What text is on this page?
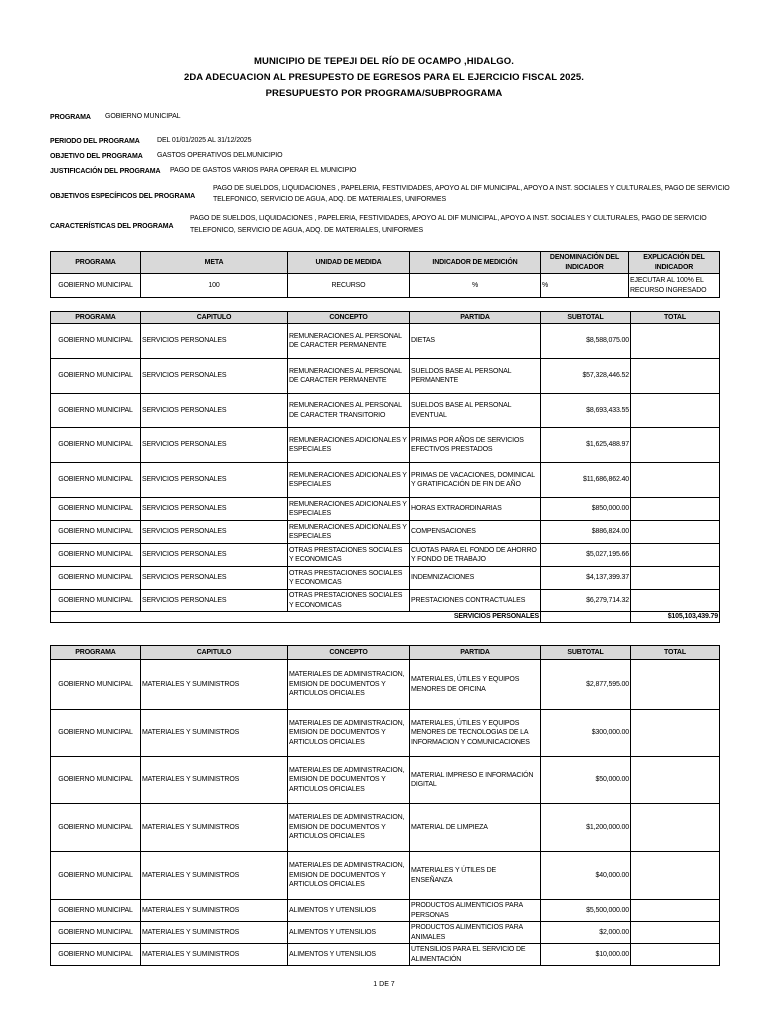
MUNICIPIO DE TEPEJI DEL RÍO DE OCAMPO ,HIDALGO.
2DA ADECUACION AL PRESUPESTO DE EGRESOS PARA EL EJERCICIO FISCAL 2025.
PRESUPUESTO POR PROGRAMA/SUBPROGRAMA
PROGRAMA GOBIERNO MUNICIPAL
PERIODO DEL PROGRAMA DEL 01/01/2025 AL 31/12/2025
OBJETIVO DEL PROGRAMA GASTOS OPERATIVOS DELMUNICIPIO
JUSTIFICACIÓN DEL PROGRAMA PAGO DE GASTOS VARIOS PARA OPERAR EL MUNICIPIO
OBJETIVOS ESPECÍFICOS DEL PROGRAMA
PAGO DE SUELDOS, LIQUIDACIONES , PAPELERIA, FESTIVIDADES, APOYO AL DIF MUNICIPAL, APOYO A INST. SOCIALES Y CULTURALES, PAGO DE SERVICIO
TELEFONICO, SERVICIO DE AGUA, ADQ. DE MATERIALES, UNIFORMES
CARACTERÍSTICAS DEL PROGRAMA
PAGO DE SUELDOS, LIQUIDACIONES , PAPELERIA, FESTIVIDADES, APOYO AL DIF MUNICIPAL, APOYO A INST. SOCIALES Y CULTURALES, PAGO DE SERVICIO
TELEFONICO, SERVICIO DE AGUA, ADQ. DE MATERIALES, UNIFORMES
PROGRAMA	META	UNIDAD DE MEDIDA	INDICADOR DE MEDICIÓN	DENOMINACIÓN DEL INDICADOR	EXPLICACIÓN DEL INDICADOR
GOBIERNO MUNICIPAL	100	RECURSO	%	%	EJECUTAR AL 100% EL RECURSO INGRESADO
PROGRAMA	CAPITULO	CONCEPTO	PARTIDA	SUBTOTAL	TOTAL
GOBIERNO MUNICIPAL	SERVICIOS PERSONALES	REMUNERACIONES AL PERSONAL DE CARACTER PERMANENTE	DIETAS	$8,588,075.00	
GOBIERNO MUNICIPAL	SERVICIOS PERSONALES	REMUNERACIONES AL PERSONAL DE CARACTER PERMANENTE	SUELDOS BASE AL PERSONAL PERMANENTE	$57,328,446.52	
GOBIERNO MUNICIPAL	SERVICIOS PERSONALES	REMUNERACIONES AL PERSONAL DE CARACTER TRANSITORIO	SUELDOS BASE AL PERSONAL EVENTUAL	$8,693,433.55	
GOBIERNO MUNICIPAL	SERVICIOS PERSONALES	REMUNERACIONES ADICIONALES Y ESPECIALES	PRIMAS POR AÑOS DE SERVICIOS EFECTIVOS PRESTADOS	$1,625,488.97	
GOBIERNO MUNICIPAL	SERVICIOS PERSONALES	REMUNERACIONES ADICIONALES Y ESPECIALES	PRIMAS DE VACACIONES, DOMINICAL Y GRATIFICACIÓN DE FIN DE AÑO	$11,686,862.40	
GOBIERNO MUNICIPAL	SERVICIOS PERSONALES	REMUNERACIONES ADICIONALES Y ESPECIALES	HORAS EXTRAORDINARIAS	$850,000.00	
GOBIERNO MUNICIPAL	SERVICIOS PERSONALES	REMUNERACIONES ADICIONALES Y ESPECIALES	COMPENSACIONES	$886,824.00	
GOBIERNO MUNICIPAL	SERVICIOS PERSONALES	OTRAS PRESTACIONES SOCIALES Y ECONOMICAS	CUOTAS PARA EL FONDO DE AHORRO Y FONDO DE TRABAJO	$5,027,195.66	
GOBIERNO MUNICIPAL	SERVICIOS PERSONALES	OTRAS PRESTACIONES SOCIALES Y ECONOMICAS	INDEMNIZACIONES	$4,137,399.37	
GOBIERNO MUNICIPAL	SERVICIOS PERSONALES	OTRAS PRESTACIONES SOCIALES Y ECONOMICAS	PRESTACIONES CONTRACTUALES	$6,279,714.32	
SERVICIOS PERSONALES					$105,103,439.79
PROGRAMA	CAPITULO	CONCEPTO	PARTIDA	SUBTOTAL	TOTAL
GOBIERNO MUNICIPAL	MATERIALES Y SUMINISTROS	MATERIALES DE ADMINISTRACION, EMISION DE DOCUMENTOS Y ARTICULOS OFICIALES	MATERIALES, ÚTILES Y EQUIPOS MENORES DE OFICINA	$2,877,595.00	
GOBIERNO MUNICIPAL	MATERIALES Y SUMINISTROS	MATERIALES DE ADMINISTRACION, EMISION DE DOCUMENTOS Y ARTICULOS OFICIALES	MATERIALES, ÚTILES Y EQUIPOS MENORES DE TECNOLOGIAS DE LA INFORMACION Y COMUNICACIONES	$300,000.00	
GOBIERNO MUNICIPAL	MATERIALES Y SUMINISTROS	MATERIALES DE ADMINISTRACION, EMISION DE DOCUMENTOS Y ARTICULOS OFICIALES	MATERIAL IMPRESO E INFORMACIÓN DIGITAL	$50,000.00	
GOBIERNO MUNICIPAL	MATERIALES Y SUMINISTROS	MATERIALES DE ADMINISTRACION, EMISION DE DOCUMENTOS Y ARTICULOS OFICIALES	MATERIAL DE LIMPIEZA	$1,200,000.00	
GOBIERNO MUNICIPAL	MATERIALES Y SUMINISTROS	MATERIALES DE ADMINISTRACION, EMISION DE DOCUMENTOS Y ARTICULOS OFICIALES	MATERIALES Y ÚTILES DE ENSEÑANZA	$40,000.00	
GOBIERNO MUNICIPAL	MATERIALES Y SUMINISTROS	ALIMENTOS Y UTENSILIOS	PRODUCTOS ALIMENTICIOS PARA PERSONAS	$5,500,000.00	
GOBIERNO MUNICIPAL	MATERIALES Y SUMINISTROS	ALIMENTOS Y UTENSILIOS	PRODUCTOS ALIMENTICIOS PARA ANIMALES	$2,000.00	
GOBIERNO MUNICIPAL	MATERIALES Y SUMINISTROS	ALIMENTOS Y UTENSILIOS	UTENSILIOS PARA EL SERVICIO DE ALIMENTACIÓN	$10,000.00	
1 DE 7
